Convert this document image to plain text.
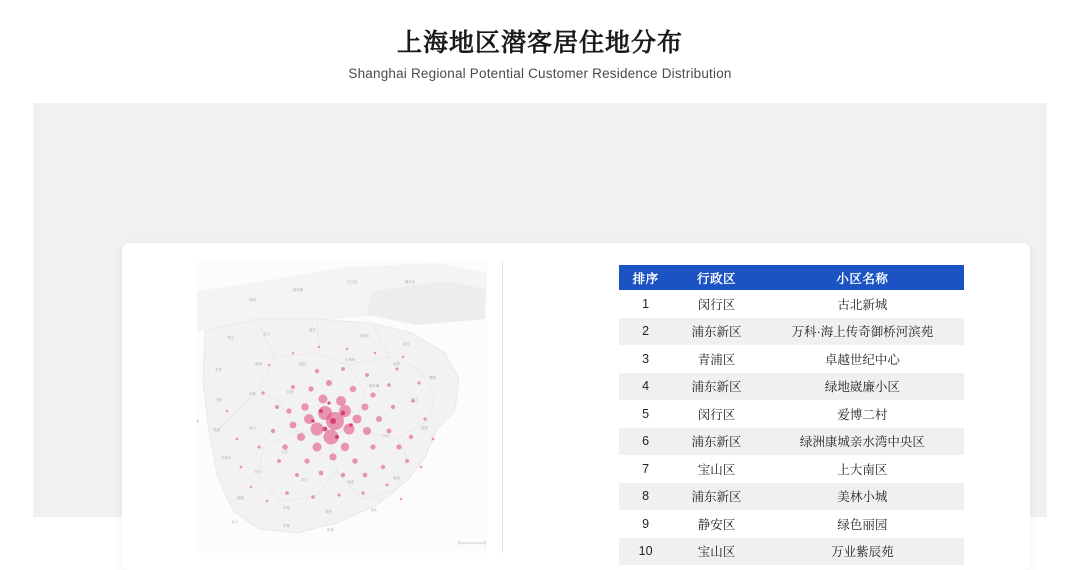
上海地区潜客居住地分布
Shanghai Regional Potential Customer Residence Distribution
崇明
陈家镇
长兴岛	横沙岛
罗店
宝山
嘉定
外高桥
高东
安亭
南翔	真如
五角场
金桥
曹路
白鹤
华新	虹桥
陆家嘴
张江
青浦	徐泾
七宝
川沙
唐镇
朱家角
松江
莘庄	周浦
惠南
泖港
车墩
奉贤	南汇
金山
亭林
柘林
排序	行政区	小区名称
1	闵行区	古北新城
2	浦东新区	万科·海上传奇御桥河滨苑
3	青浦区	卓越世纪中心
4	浦东新区	绿地崴廉小区
5	闵行区	爱博二村
6	浦东新区	绿洲康城亲水湾中央区
7	宝山区	上大南区
8	浦东新区	美林小城
9	静安区	绿色丽园
10	宝山区	万业紫辰苑
